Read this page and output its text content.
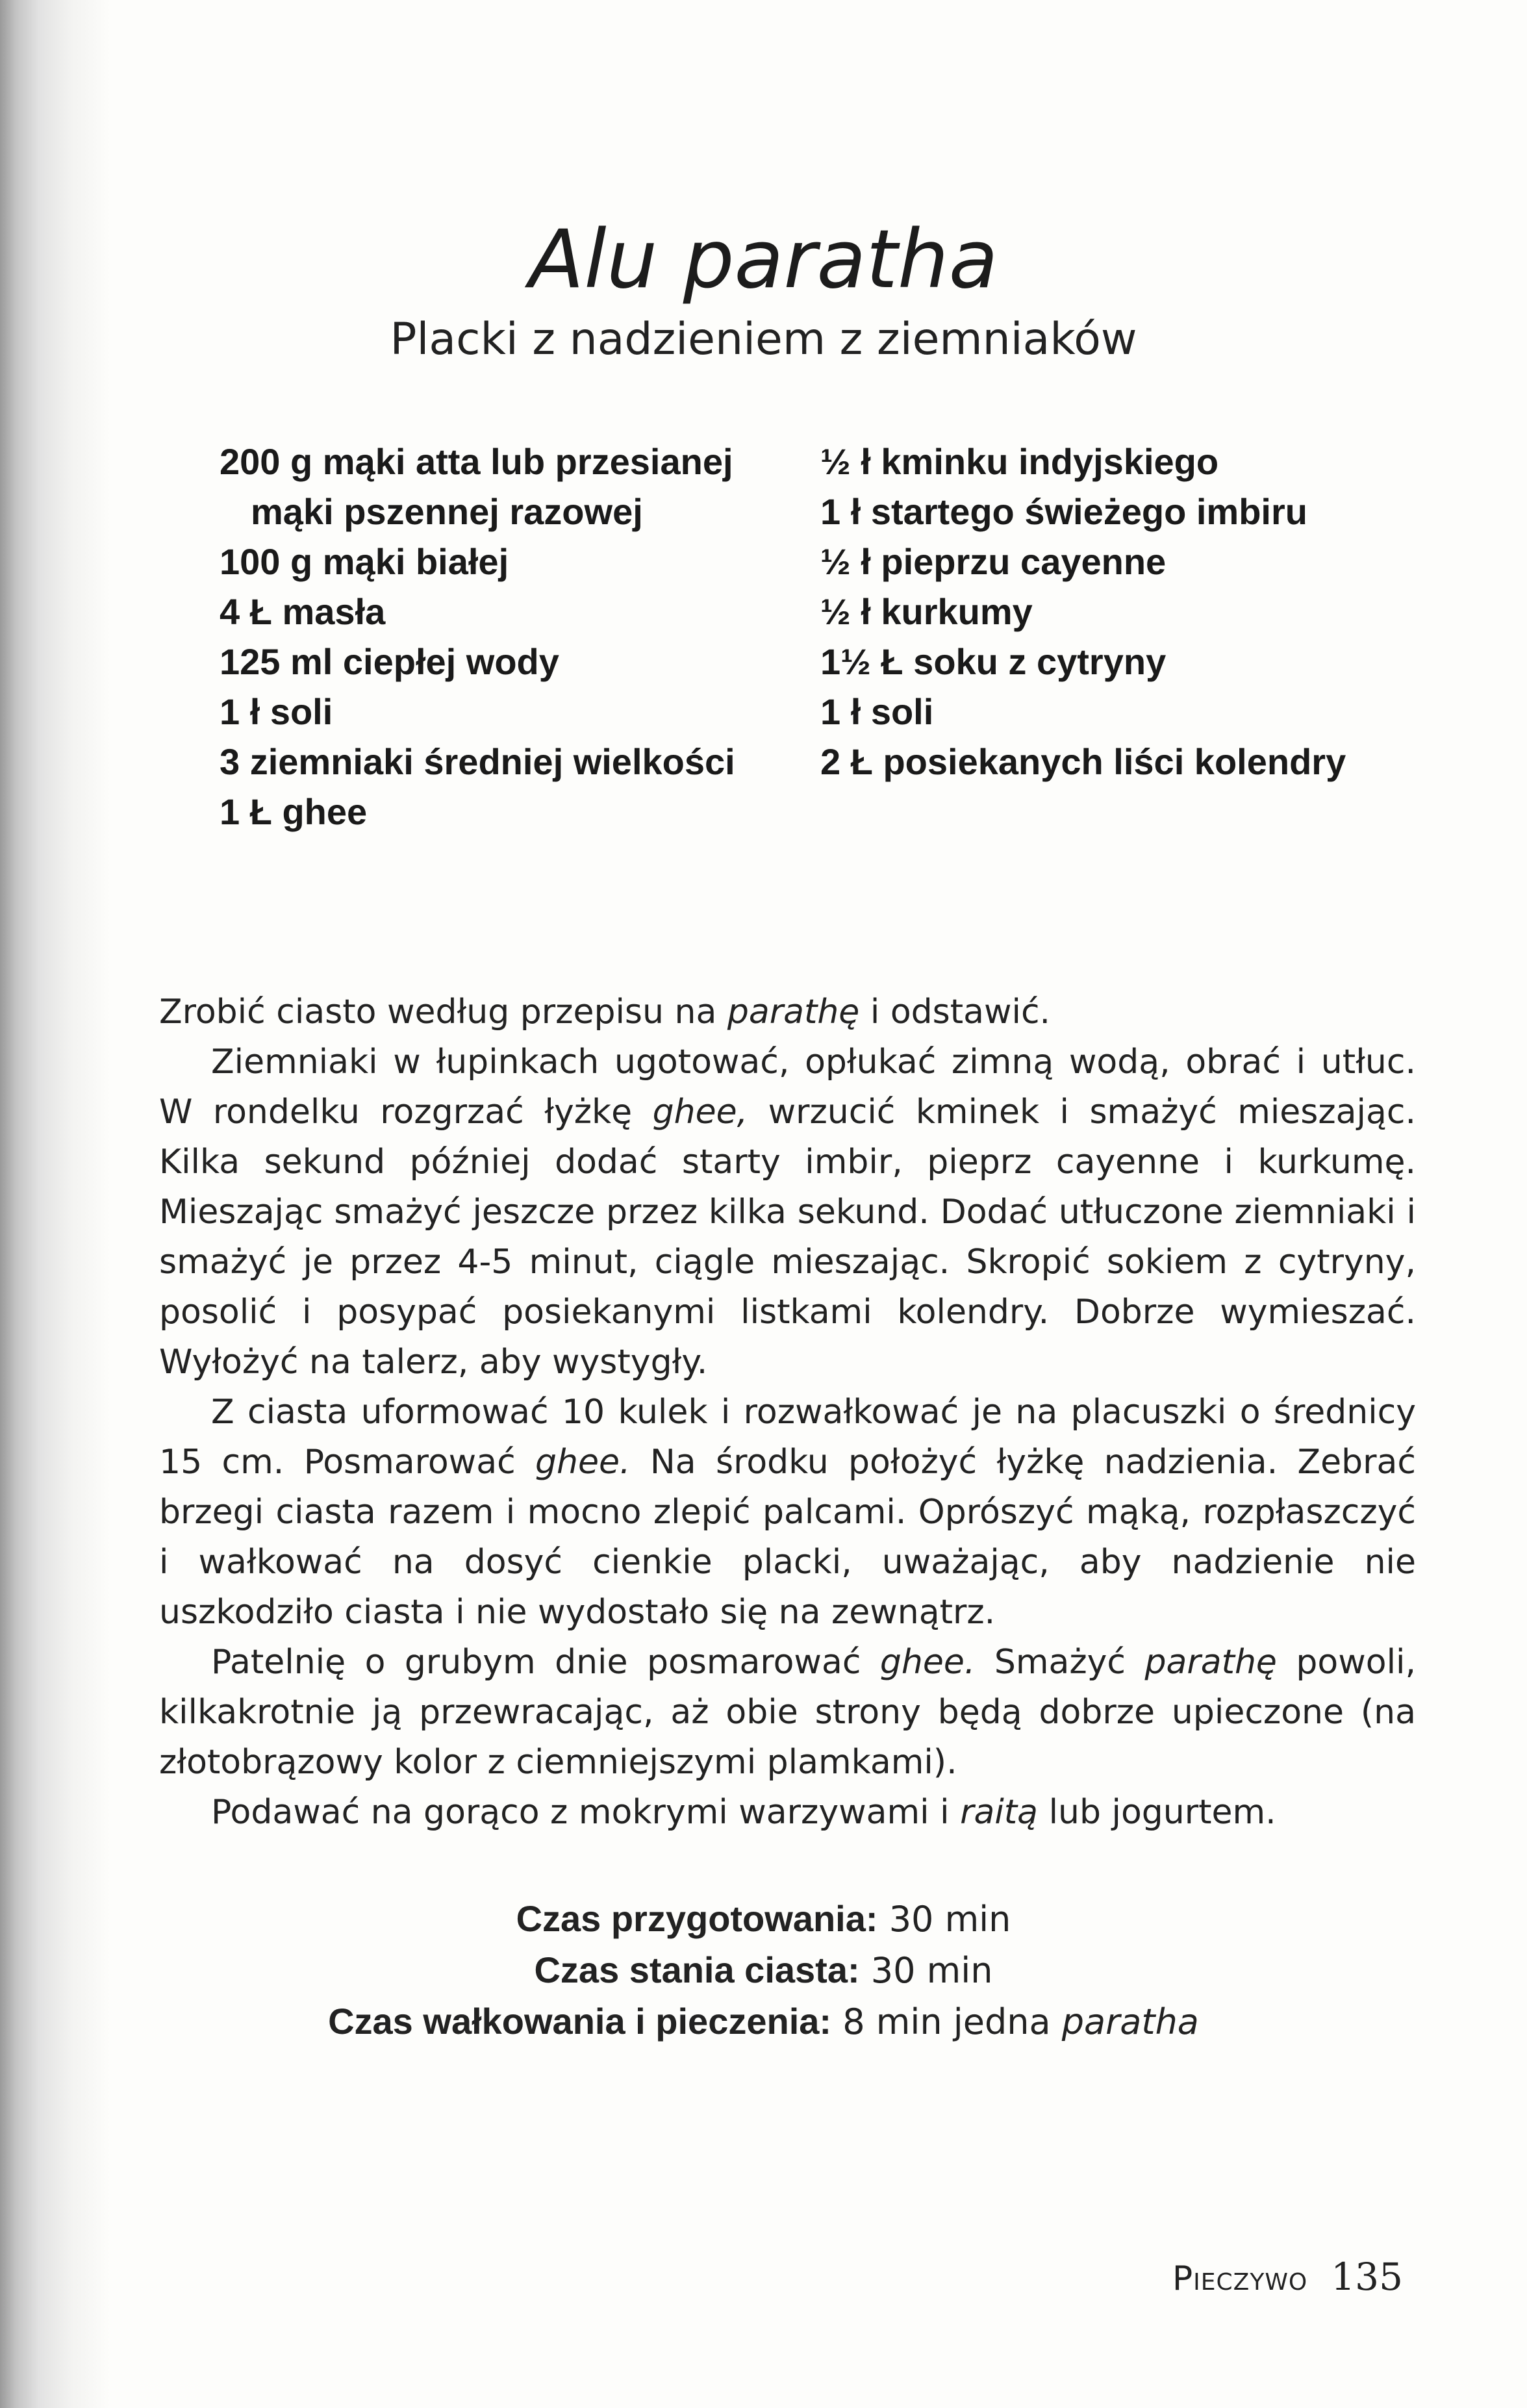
Alu paratha
Placki z nadzieniem z ziemniaków
200 g mąki atta lub przesianej mąki pszennej razowej
100 g mąki białej
4 Ł masła
125 ml ciepłej wody
1 ł soli
3 ziemniaki średniej wielkości
1 Ł ghee
½ ł kminku indyjskiego
1 ł startego świeżego imbiru
½ ł pieprzu cayenne
½ ł kurkumy
1½ Ł soku z cytryny
1 ł soli
2 Ł posiekanych liści kolendry

Zrobić ciasto według przepisu na parathę i odstawić.

Ziemniaki w łupinkach ugotować, opłukać zimną wodą, obrać i utłuc. W rondelku rozgrzać łyżkę ghee, wrzucić kminek i smażyć mieszając. Kilka sekund później dodać starty imbir, pieprz cayenne i kurkumę. Mieszając smażyć jeszcze przez kilka sekund. Dodać utłuczone ziemniaki i smażyć je przez 4-5 minut, ciągle mieszając. Skropić sokiem z cytryny, posolić i posypać posiekanymi listkami kolendry. Dobrze wymieszać. Wyłożyć na talerz, aby wystygły.

Z ciasta uformować 10 kulek i rozwałkować je na placuszki o średnicy 15 cm. Posmarować ghee. Na środku położyć łyżkę nadzienia. Zebrać brzegi ciasta razem i mocno zlepić palcami. Oprószyć mąką, rozpłaszczyć i wałkować na dosyć cienkie placki, uważając, aby nadzienie nie uszkodziło ciasta i nie wydostało się na zewnątrz.

Patelnię o grubym dnie posmarować ghee. Smażyć parathę powoli, kilkakrotnie ją przewracając, aż obie strony będą dobrze upieczone (na złotobrązowy kolor z ciemniejszymi plamkami).

Podawać na gorąco z mokrymi warzywami i raitą lub jogurtem.

Czas przygotowania: 30 min
Czas stania ciasta: 30 min
Czas wałkowania i pieczenia: 8 min jedna paratha
Pieczywo 135
